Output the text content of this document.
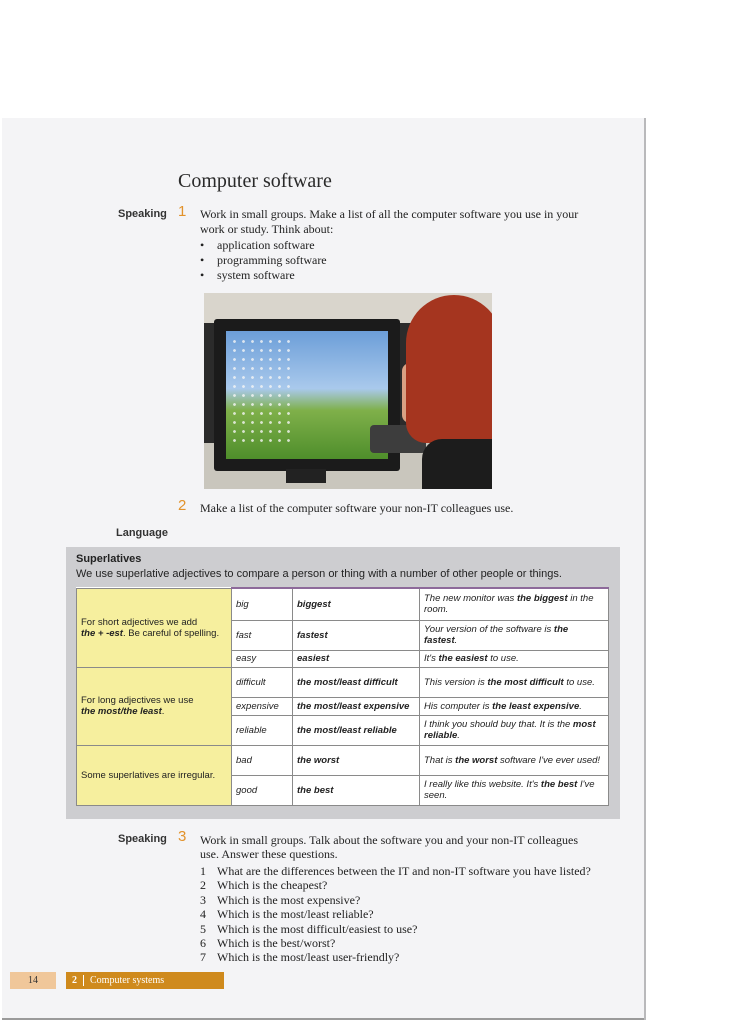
Computer software
Speaking 1 Work in small groups. Make a list of all the computer software you use in your
work or study. Think about:
• application software
• programming software
• system software
2 Make a list of the computer software your non-IT colleagues use.
Language
Superlatives
We use superlative adjectives to compare a person or thing with a number of other people or things.
For short adjectives we add
the + -est. Be careful of spelling.	big	biggest	The new monitor was the biggest in the room.
	fast	fastest	Your version of the software is the fastest.
	easy	easiest	It's the easiest to use.
For long adjectives we use
the most/the least.	difficult	the most/least difficult	This version is the most difficult to use.
	expensive	the most/least expensive	His computer is the least expensive.
	reliable	the most/least reliable	I think you should buy that. It is the most reliable.
Some superlatives are irregular.	bad	the worst	That is the worst software I've ever used!
	good	the best	I really like this website. It's the best I've seen.
Speaking 3 Work in small groups. Talk about the software you and your non-IT colleagues
use. Answer these questions.
1 What are the differences between the IT and non-IT software you have listed?
2 Which is the cheapest?
3 Which is the most expensive?
4 Which is the most/least reliable?
5 Which is the most difficult/easiest to use?
6 Which is the best/worst?
7 Which is the most/least user-friendly?
14	2 Computer systems
